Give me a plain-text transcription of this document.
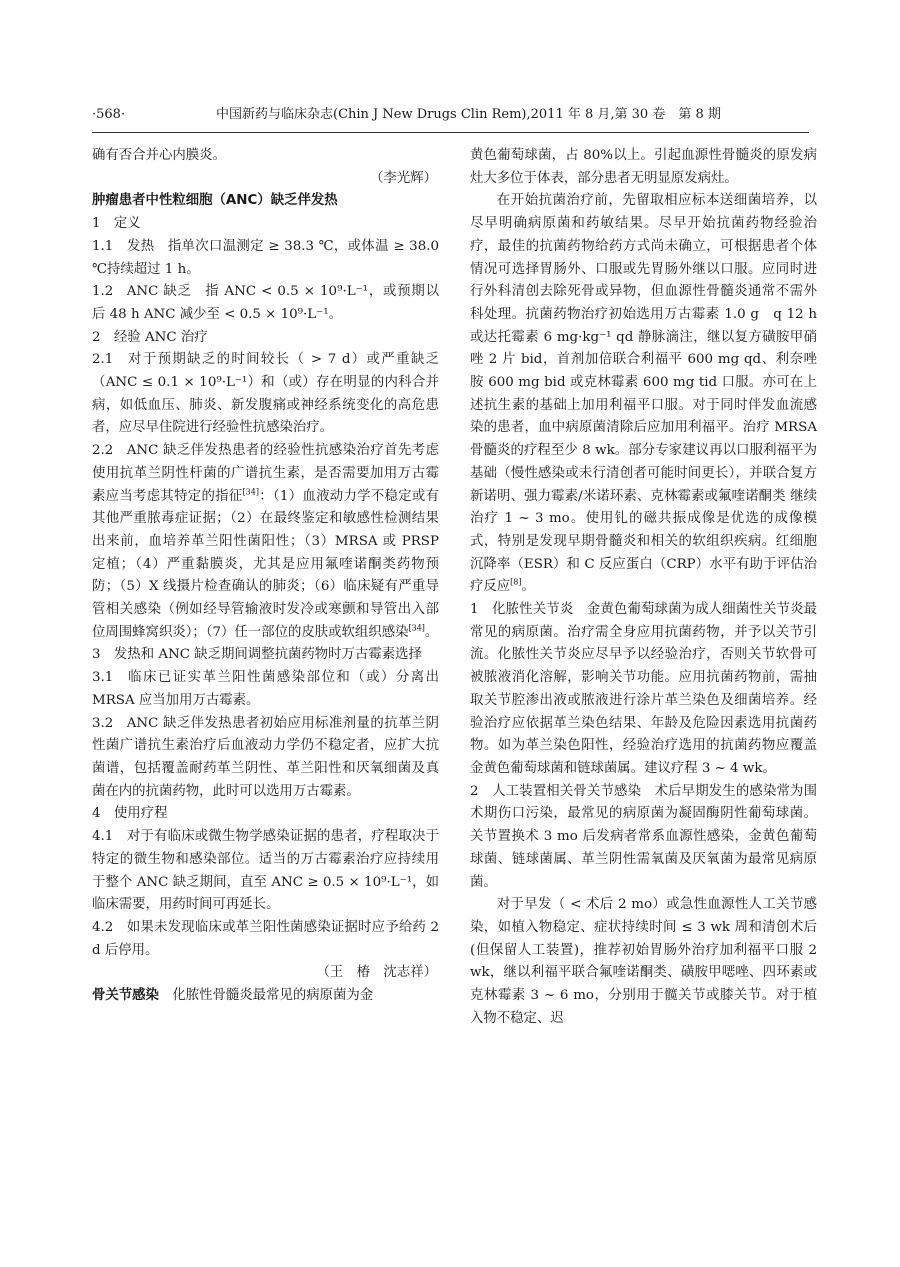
·568·	中国新药与临床杂志(Chin J New Drugs Clin Rem),2011 年 8 月,第 30 卷　第 8 期

确有否合并心内膜炎。

（李光辉）

肿瘤患者中性粒细胞（ANC）缺乏伴发热

1 定义

1.1 发热 指单次口温测定 ≥ 38.3 ℃，或体温 ≥ 38.0 ℃持续超过 1 h。

1.2 ANC 缺乏 指 ANC < 0.5 × 10⁹·L⁻¹，或预期以后 48 h ANC 减少至 < 0.5 × 10⁹·L⁻¹。

2 经验 ANC 治疗

2.1 对于预期缺乏的时间较长（ > 7 d）或严重缺乏（ANC ≤ 0.1 × 10⁹·L⁻¹）和（或）存在明显的内科合并病，如低血压、肺炎、新发腹痛或神经系统变化的高危患者，应尽早住院进行经验性抗感染治疗。

2.2 ANC 缺乏伴发热患者的经验性抗感染治疗首先考虑使用抗革兰阴性杆菌的广谱抗生素，是否需要加用万古霉素应当考虑其特定的指征[34]：（1）血液动力学不稳定或有其他严重脓毒症证据；（2）在最终鉴定和敏感性检测结果出来前，血培养革兰阳性菌阳性；（3）MRSA 或 PRSP 定植；（4）严重黏膜炎，尤其是应用氟喹诺酮类药物预防；（5）X 线摄片检查确认的肺炎；（6）临床疑有严重导管相关感染（例如经导管输液时发冷或寒颤和导管出入部位周围蜂窝织炎）；（7）任一部位的皮肤或软组织感染[34]。

3 发热和 ANC 缺乏期间调整抗菌药物时万古霉素选择

3.1 临床已证实革兰阳性菌感染部位和（或）分离出 MRSA 应当加用万古霉素。

3.2 ANC 缺乏伴发热患者初始应用标准剂量的抗革兰阴性菌广谱抗生素治疗后血液动力学仍不稳定者，应扩大抗菌谱，包括覆盖耐药革兰阴性、革兰阳性和厌氧细菌及真菌在内的抗菌药物，此时可以选用万古霉素。

4 使用疗程

4.1 对于有临床或微生物学感染证据的患者，疗程取决于特定的微生物和感染部位。适当的万古霉素治疗应持续用于整个 ANC 缺乏期间，直至 ANC ≥ 0.5 × 10⁹·L⁻¹，如临床需要，用药时间可再延长。

4.2 如果未发现临床或革兰阳性菌感染证据时应予给药 2 d 后停用。

（王　椿　沈志祥）

骨关节感染 化脓性骨髓炎最常见的病原菌为金

黄色葡萄球菌，占 80%以上。引起血源性骨髓炎的原发病灶大多位于体表，部分患者无明显原发病灶。

在开始抗菌治疗前，先留取相应标本送细菌培养，以尽早明确病原菌和药敏结果。尽早开始抗菌药物经验治疗，最佳的抗菌药物给药方式尚未确立，可根据患者个体情况可选择胃肠外、口服或先胃肠外继以口服。应同时进行外科清创去除死骨或异物，但血源性骨髓炎通常不需外科处理。抗菌药物治疗初始选用万古霉素 1.0 g　q 12 h 或达托霉素 6 mg·kg⁻¹ qd 静脉滴注，继以复方磺胺甲硝唑 2 片 bid，首剂加倍联合利福平 600 mg qd、利奈唑胺 600 mg bid 或克林霉素 600 mg tid 口服。亦可在上述抗生素的基础上加用利福平口服。对于同时伴发血流感染的患者，血中病原菌清除后应加用利福平。治疗 MRSA 骨髓炎的疗程至少 8 wk。部分专家建议再以口服利福平为基础（慢性感染或未行清创者可能时间更长），并联合复方新诺明、强力霉素/米诺环素、克林霉素或氟喹诺酮类 继续治疗 1 ~ 3 mo。使用钆的磁共振成像是优选的成像模式，特别是发现早期骨髓炎和相关的软组织疾病。红细胞沉降率（ESR）和 C 反应蛋白（CRP）水平有助于评估治疗反应[8]。

1 化脓性关节炎 金黄色葡萄球菌为成人细菌性关节炎最常见的病原菌。治疗需全身应用抗菌药物，并予以关节引流。化脓性关节炎应尽早予以经验治疗，否则关节软骨可被脓液消化溶解，影响关节功能。应用抗菌药物前，需抽取关节腔渗出液或脓液进行涂片革兰染色及细菌培养。经验治疗应依据革兰染色结果、年龄及危险因素选用抗菌药物。如为革兰染色阳性，经验治疗选用的抗菌药物应覆盖金黄色葡萄球菌和链球菌属。建议疗程 3 ~ 4 wk。

2 人工装置相关骨关节感染 术后早期发生的感染常为围术期伤口污染，最常见的病原菌为凝固酶阴性葡萄球菌。关节置换术 3 mo 后发病者常系血源性感染，金黄色葡萄球菌、链球菌属、革兰阴性需氧菌及厌氧菌为最常见病原菌。

对于早发（ < 术后 2 mo）或急性血源性人工关节感染，如植入物稳定、症状持续时间 ≤ 3 wk 周和清创术后(但保留人工装置)，推荐初始胃肠外治疗加利福平口服 2 wk，继以利福平联合氟喹诺酮类、磺胺甲𫫇唑、四环素或克林霉素 3 ~ 6 mo，分别用于髋关节或膝关节。对于植入物不稳定、迟
